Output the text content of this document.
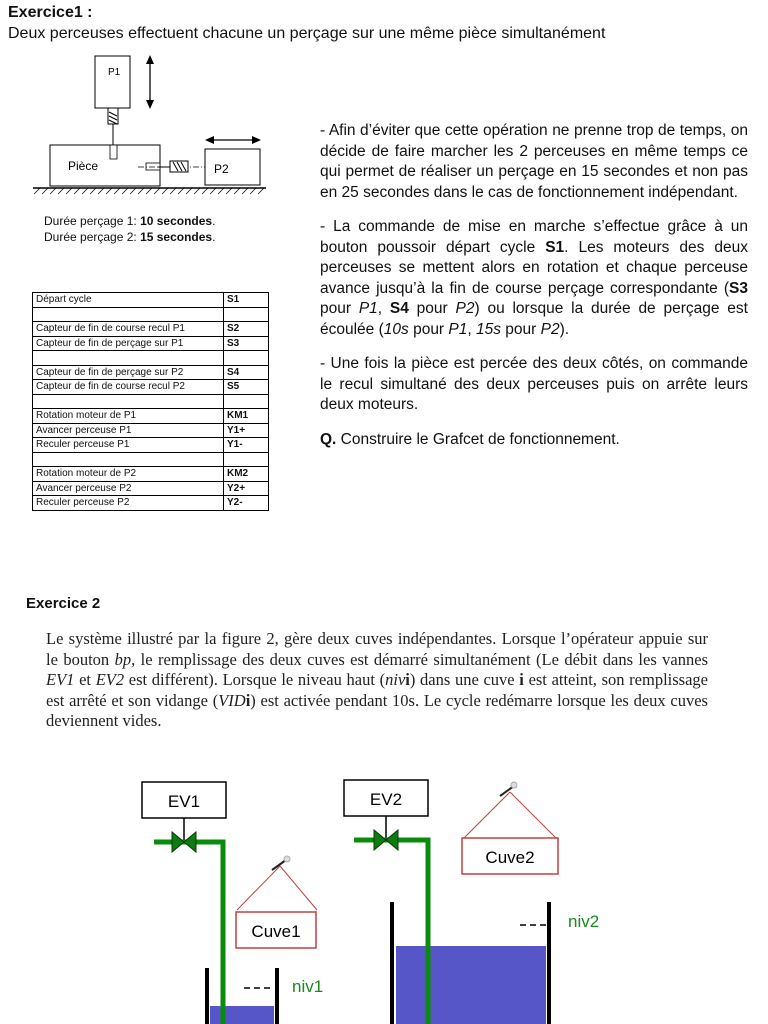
Exercice1 :
Deux perceuses effectuent chacune un perçage sur une même pièce simultanément
P1
Pièce	P2
Durée perçage 1: 10 secondes.
Durée perçage 2: 15 secondes.
Départ cycle	S1

Capteur de fin de course recul P1	S2
Capteur de fin de perçage sur P1	S3

Capteur de fin de perçage sur P2	S4
Capteur de fin de course recul P2	S5

Rotation moteur de P1	KM1
Avancer perceuse P1	Y1+
Reculer perceuse P1	Y1-

Rotation moteur de P2	KM2
Avancer perceuse P2	Y2+
Reculer perceuse P2	Y2-

- Afin d’éviter que cette opération ne prenne trop de temps, on décide de faire marcher les 2 perceuses en même temps ce qui permet de réaliser un perçage en 15 secondes et non pas en 25 secondes dans le cas de fonctionnement indépendant.

- La commande de mise en marche s’effectue grâce à un bouton poussoir départ cycle S1. Les moteurs des deux perceuses se mettent alors en rotation et chaque perceuse avance jusqu’à la fin de course perçage correspondante (S3 pour P1, S4 pour P2) ou lorsque la durée de perçage est écoulée (10s pour P1, 15s pour P2).

- Une fois la pièce est percée des deux côtés, on commande le recul simultané des deux perceuses puis on arrête leurs deux moteurs.

Q. Construire le Grafcet de fonctionnement.

Exercice 2
Le système illustré par la figure 2, gère deux cuves indépendantes. Lorsque l’opérateur appuie sur le bouton bp, le remplissage des deux cuves est démarré simultanément (Le débit dans les vannes EV1 et EV2 est différent). Lorsque le niveau haut (nivi) dans une cuve i est atteint, son remplissage est arrêté et son vidange (VIDi) est activée pendant 10s. Le cycle redémarre lorsque les deux cuves deviennent vides.
EV1	EV2
Cuve2
Cuve1
niv1
niv2
